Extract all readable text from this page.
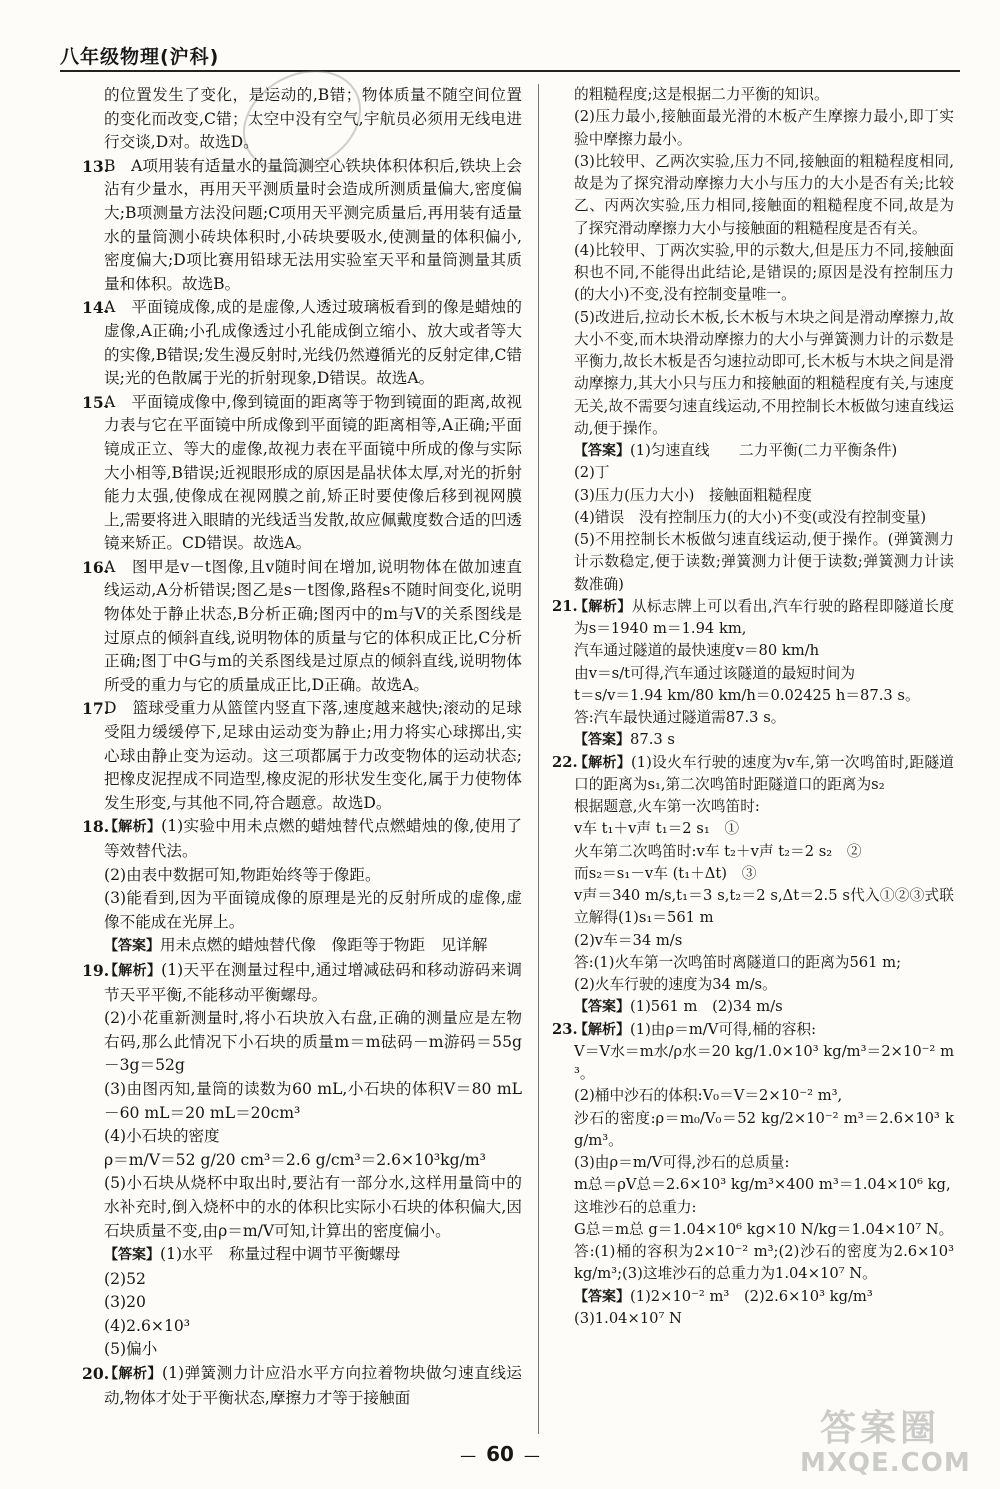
八年级物理(沪科)
的位置发生了变化，是运动的,B错；物体质量不随空间位置的变化而改变,C错；太空中没有空气,宇航员必须用无线电进行交谈,D对。故选D。
13.
B　A项用装有适量水的量筒测空心铁块体积体积后,铁块上会沾有少量水，再用天平测质量时会造成所测质量偏大,密度偏大;B项测量方法没问题;C项用天平测完质量后,再用装有适量水的量筒测小砖块体积时,小砖块要吸水,使测量的体积偏小,密度偏大;D项比赛用铅球无法用实验室天平和量筒测量其质量和体积。故选B。
14.
A　平面镜成像,成的是虚像,人透过玻璃板看到的像是蜡烛的虚像,A正确;小孔成像透过小孔能成倒立缩小、放大或者等大的实像,B错误;发生漫反射时,光线仍然遵循光的反射定律,C错误;光的色散属于光的折射现象,D错误。故选A。
15.
A　平面镜成像中,像到镜面的距离等于物到镜面的距离,故视力表与它在平面镜中所成像到平面镜的距离相等,A正确;平面镜成正立、等大的虚像,故视力表在平面镜中所成的像与实际大小相等,B错误;近视眼形成的原因是晶状体太厚,对光的折射能力太强,使像成在视网膜之前,矫正时要使像后移到视网膜上,需要将进入眼睛的光线适当发散,故应佩戴度数合适的凹透镜来矫正。CD错误。故选A。
16.
A　图甲是v－t图像,且v随时间在增加,说明物体在做加速直线运动,A分析错误;图乙是s－t图像,路程s不随时间变化,说明物体处于静止状态,B分析正确;图丙中的m与V的关系图线是过原点的倾斜直线,说明物体的质量与它的体积成正比,C分析正确;图丁中G与m的关系图线是过原点的倾斜直线,说明物体所受的重力与它的质量成正比,D正确。故选A。
17.
D　篮球受重力从篮筐内竖直下落,速度越来越快;滚动的足球受阻力缓缓停下,足球由运动变为静止;用力将实心球掷出,实心球由静止变为运动。这三项都属于力改变物体的运动状态;把橡皮泥捏成不同造型,橡皮泥的形状发生变化,属于力使物体发生形变,与其他不同,符合题意。故选D。
18.
【解析】(1)实验中用未点燃的蜡烛替代点燃蜡烛的像,使用了等效替代法。
(2)由表中数据可知,物距始终等于像距。
(3)能看到,因为平面镜成像的原理是光的反射所成的虚像,虚像不能成在光屏上。
【答案】用未点燃的蜡烛替代像　像距等于物距　见详解
19.
【解析】(1)天平在测量过程中,通过增减砝码和移动游码来调节天平平衡,不能移动平衡螺母。
(2)小花重新测量时,将小石块放入右盘,正确的测量应是左物右码,那么此情况下小石块的质量m＝m砝码－m游码＝55g－3g＝52g
(3)由图丙知,量筒的读数为60 mL,小石块的体积V＝80 mL－60 mL＝20 mL＝20cm³
(4)小石块的密度
ρ＝m/V＝52 g/20 cm³＝2.6 g/cm³＝2.6×10³kg/m³
(5)小石块从烧杯中取出时,要沾有一部分水,这样用量筒中的水补充时,倒入烧杯中的水的体积比实际小石块的体积偏大,因石块质量不变,由ρ＝m/V可知,计算出的密度偏小。
【答案】(1)水平　称量过程中调节平衡螺母
(2)52
(3)20
(4)2.6×10³
(5)偏小
20.
【解析】(1)弹簧测力计应沿水平方向拉着物块做匀速直线运动,物体才处于平衡状态,摩擦力才等于接触面
的粗糙程度;这是根据二力平衡的知识。
(2)压力最小,接触面最光滑的木板产生摩擦力最小,即丁实验中摩擦力最小。
(3)比较甲、乙两次实验,压力不同,接触面的粗糙程度相同,故是为了探究滑动摩擦力大小与压力的大小是否有关;比较乙、丙两次实验,压力相同,接触面的粗糙程度不同,故是为了探究滑动摩擦力大小与接触面的粗糙程度是否有关。
(4)比较甲、丁两次实验,甲的示数大,但是压力不同,接触面积也不同,不能得出此结论,是错误的;原因是没有控制压力(的大小)不变,没有控制变量唯一。
(5)改进后,拉动长木板,长木板与木块之间是滑动摩擦力,故大小不变,而木块滑动摩擦力的大小与弹簧测力计的示数是平衡力,故长木板是否匀速拉动即可,长木板与木块之间是滑动摩擦力,其大小只与压力和接触面的粗糙程度有关,与速度无关,故不需要匀速直线运动,不用控制长木板做匀速直线运动,便于操作。
【答案】(1)匀速直线　　二力平衡(二力平衡条件)
(2)丁
(3)压力(压力大小)　接触面粗糙程度
(4)错误　没有控制压力(的大小)不变(或没有控制变量)
(5)不用控制长木板做匀速直线运动,便于操作。(弹簧测力计示数稳定,便于读数;弹簧测力计便于读数;弹簧测力计读数准确)
21.
【解析】从标志牌上可以看出,汽车行驶的路程即隧道长度为s＝1940 m＝1.94 km,
汽车通过隧道的最快速度v＝80 km/h
由v＝s/t可得,汽车通过该隧道的最短时间为
t＝s/v＝1.94 km/80 km/h＝0.02425 h＝87.3 s。
答:汽车最快通过隧道需87.3 s。
【答案】87.3 s
22.
【解析】(1)设火车行驶的速度为v车,第一次鸣笛时,距隧道口的距离为s₁,第二次鸣笛时距隧道口的距离为s₂
根据题意,火车第一次鸣笛时:
v车 t₁＋v声 t₁＝2 s₁　①
火车第二次鸣笛时:v车 t₂＋v声 t₂＝2 s₂　②
而s₂＝s₁－v车 (t₁＋Δt)　③
v声＝340 m/s,t₁＝3 s,t₂＝2 s,Δt＝2.5 s代入①②③式联立解得(1)s₁＝561 m
(2)v车＝34 m/s
答:(1)火车第一次鸣笛时离隧道口的距离为561 m;
(2)火车行驶的速度为34 m/s。
【答案】(1)561 m　(2)34 m/s
23.
【解析】(1)由ρ＝m/V可得,桶的容积:
V＝V水＝m水/ρ水＝20 kg/1.0×10³ kg/m³＝2×10⁻² m³。
(2)桶中沙石的体积:V₀＝V＝2×10⁻² m³,
沙石的密度:ρ＝m₀/V₀＝52 kg/2×10⁻² m³＝2.6×10³ kg/m³。
(3)由ρ＝m/V可得,沙石的总质量:
m总＝ρV总＝2.6×10³ kg/m³×400 m³＝1.04×10⁶ kg,
这堆沙石的总重力:
G总＝m总 g＝1.04×10⁶ kg×10 N/kg＝1.04×10⁷ N。
答:(1)桶的容积为2×10⁻² m³;(2)沙石的密度为2.6×10³ kg/m³;(3)这堆沙石的总重力为1.04×10⁷ N。
【答案】(1)2×10⁻² m³　(2)2.6×10³ kg/m³
(3)1.04×10⁷ N
— 60 —
答案圈
MXQE.COM
